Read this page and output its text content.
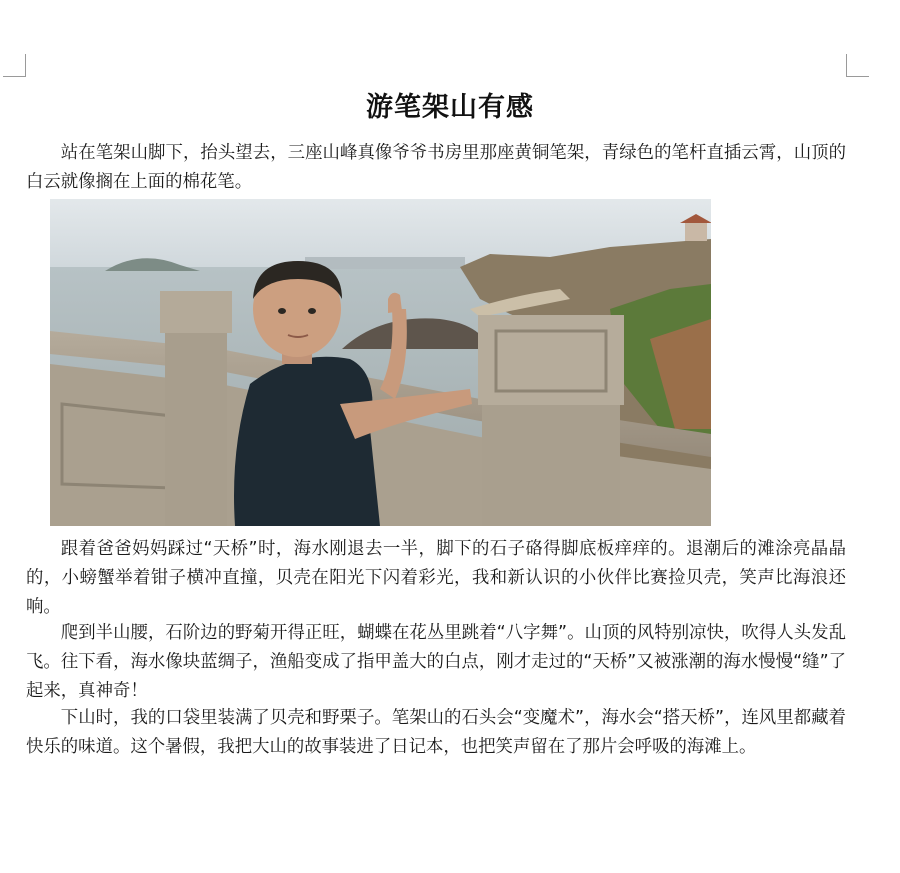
游笔架山有感

站在笔架山脚下，抬头望去，三座山峰真像爷爷书房里那座黄铜笔架，青绿色的笔杆直插云霄，山顶的白云就像搁在上面的棉花笔。

跟着爸爸妈妈踩过“天桥”时，海水刚退去一半，脚下的石子硌得脚底板痒痒的。退潮后的滩涂亮晶晶的，小螃蟹举着钳子横冲直撞，贝壳在阳光下闪着彩光，我和新认识的小伙伴比赛捡贝壳，笑声比海浪还响。

爬到半山腰，石阶边的野菊开得正旺，蝴蝶在花丛里跳着“八字舞”。山顶的风特别凉快，吹得人头发乱飞。往下看，海水像块蓝绸子，渔船变成了指甲盖大的白点，刚才走过的“天桥”又被涨潮的海水慢慢“缝”了起来，真神奇！

下山时，我的口袋里装满了贝壳和野栗子。笔架山的石头会“变魔术”，海水会“搭天桥”，连风里都藏着快乐的味道。这个暑假，我把大山的故事装进了日记本，也把笑声留在了那片会呼吸的海滩上。
